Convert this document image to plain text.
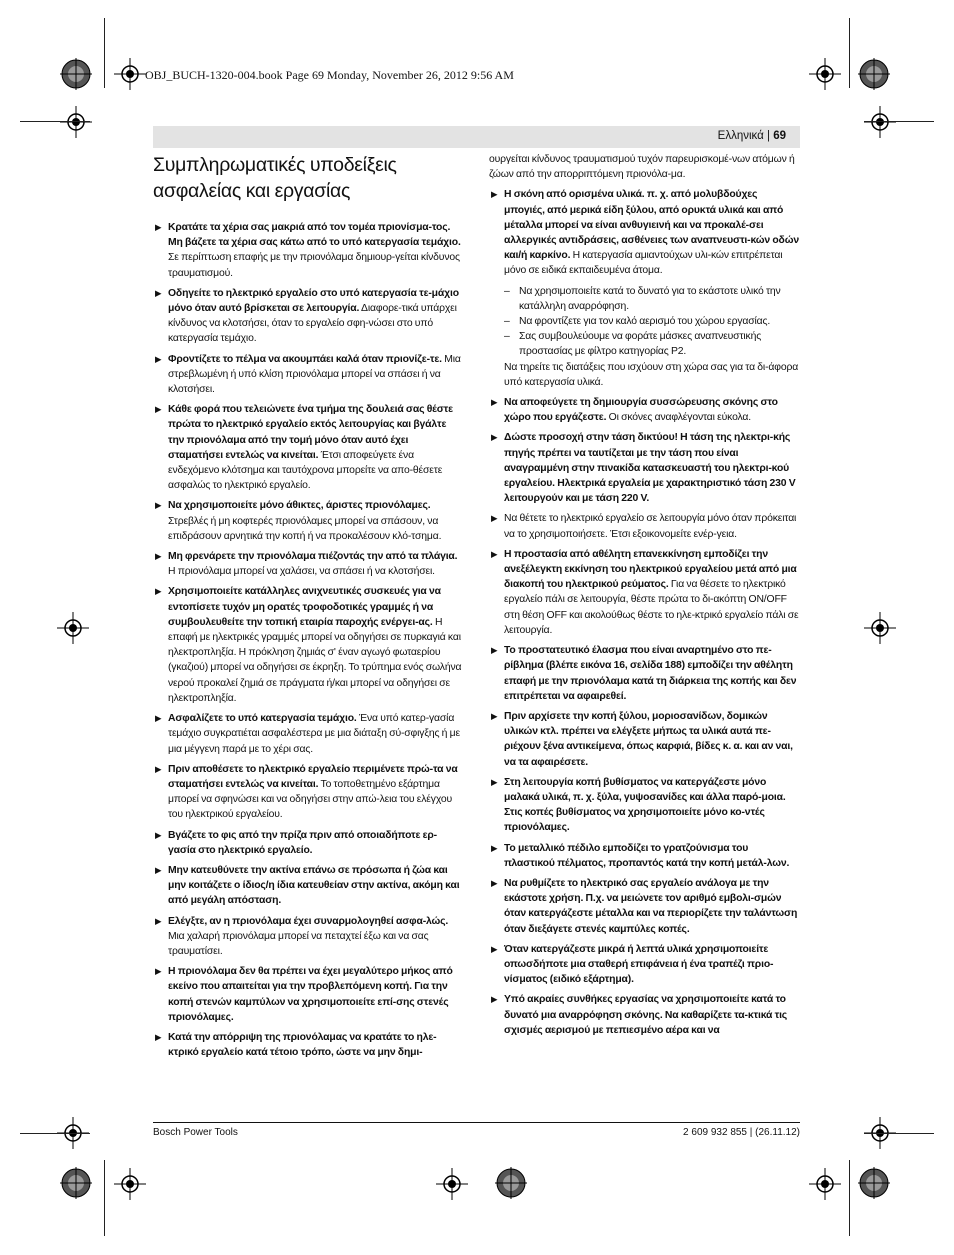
OBJ_BUCH-1320-004.book Page 69 Monday, November 26, 2012 9:56 AM
Ελληνικά | 69
Συμπληρωματικές υποδείξεις ασφαλείας και εργασίας
▶ Κρατάτε τα χέρια σας μακριά από τον τομέα πριονίσμα-τος. Μη βάζετε τα χέρια σας κάτω από το υπό κατεργασία τεμάχιο. Σε περίπτωση επαφής με την πριονόλαμα δημιουρ-γείται κίνδυνος τραυματισμού.
▶ Οδηγείτε το ηλεκτρικό εργαλείο στο υπό κατεργασία τε-μάχιο μόνο όταν αυτό βρίσκεται σε λειτουργία. Διαφορε-τικά υπάρχει κίνδυνος να κλοτσήσει, όταν το εργαλείο σφη-νώσει στο υπό κατεργασία τεμάχιο.
▶ Φροντίζετε το πέλμα να ακουμπάει καλά όταν πριονίζε-τε. Μια στρεβλωμένη ή υπό κλίση πριονόλαμα μπορεί να σπάσει ή να κλοτσήσει.
▶ Κάθε φορά που τελειώνετε ένα τμήμα της δουλειά σας θέστε πρώτα το ηλεκτρικό εργαλείο εκτός λειτουργίας και βγάλτε την πριονόλαμα από την τομή μόνο όταν αυτό έχει σταματήσει εντελώς να κινείται. Έτσι αποφεύγετε ένα ενδεχόμενο κλότσημα και ταυτόχρονα μπορείτε να απο-θέσετε ασφαλώς το ηλεκτρικό εργαλείο.
▶ Να χρησιμοποιείτε μόνο άθικτες, άριστες πριονόλαμες. Στρεβλές ή μη κοφτερές πριονόλαμες μπορεί να σπάσουν, να επιδράσουν αρνητικά την κοπή ή να προκαλέσουν κλό-τσημα.
▶ Μη φρενάρετε την πριονόλαμα πιέζοντάς την από τα πλάγια. Η πριονόλαμα μπορεί να χαλάσει, να σπάσει ή να κλοτσήσει.
▶ Χρησιμοποιείτε κατάλληλες ανιχνευτικές συσκευές για να εντοπίσετε τυχόν μη ορατές τροφοδοτικές γραμμές ή να συμβουλευθείτε την τοπική εταιρία παροχής ενέργει-ας. Η επαφή με ηλεκτρικές γραμμές μπορεί να οδηγήσει σε πυρκαγιά και ηλεκτροπληξία. Η πρόκληση ζημιάς σ' έναν αγωγό φωταερίου (γκαζιού) μπορεί να οδηγήσει σε έκρηξη. Το τρύπημα ενός σωλήνα νερού προκαλεί ζημιά σε πράγματα ή/και μπορεί να οδηγήσει σε ηλεκτροπληξία.
▶ Ασφαλίζετε το υπό κατεργασία τεμάχιο. Ένα υπό κατερ-γασία τεμάχιο συγκρατιέται ασφαλέστερα με μια διάταξη σύ-σφιγξης ή με μια μέγγενη παρά με το χέρι σας.
▶ Πριν αποθέσετε το ηλεκτρικό εργαλείο περιμένετε πρώ-τα να σταματήσει εντελώς να κινείται. Το τοποθετημένο εξάρτημα μπορεί να σφηνώσει και να οδηγήσει στην απώ-λεια του ελέγχου του ηλεκτρικού εργαλείου.
▶ Βγάζετε το φις από την πρίζα πριν από οποιαδήποτε ερ-γασία στο ηλεκτρικό εργαλείο.
▶ Μην κατευθύνετε την ακτίνα επάνω σε πρόσωπα ή ζώα και μην κοιτάζετε ο ίδιος/η ίδια κατευθείαν στην ακτίνα, ακόμη και από μεγάλη απόσταση.
▶ Ελέγξτε, αν η πριονόλαμα έχει συναρμολογηθεί ασφα-λώς. Μια χαλαρή πριονόλαμα μπορεί να πεταχτεί έξω και να σας τραυματίσει.
▶ Η πριονόλαμα δεν θα πρέπει να έχει μεγαλύτερο μήκος από εκείνο που απαιτείται για την προβλεπόμενη κοπή. Για την κοπή στενών καμπύλων να χρησιμοποιείτε επί-σης στενές πριονόλαμες.
▶ Κατά την απόρριψη της πριονόλαμας να κρατάτε το ηλε-κτρικό εργαλείο κατά τέτοιο τρόπο, ώστε να μην δημι-
ουργείται κίνδυνος τραυματισμού τυχόν παρευρισκομέ-νων ατόμων ή ζώων από την απορριπτόμενη πριονόλα-μα.
▶ Η σκόνη από ορισμένα υλικά. π. χ. από μολυβδούχες μπογιές, από μερικά είδη ξύλου, από ορυκτά υλικά και από μέταλλα μπορεί να είναι ανθυγιεινή και να προκαλέ-σει αλλεργικές αντιδράσεις, ασθένειες των αναπνευστι-κών οδών και/ή καρκίνο. Η κατεργασία αμιαντούχων υλι-κών επιτρέπεται μόνο σε ειδικά εκπαιδευμένα άτομα.
– Να χρησιμοποιείτε κατά το δυνατό για το εκάστοτε υλικό την κατάλληλη αναρρόφηση.
– Να φροντίζετε για τον καλό αερισμό του χώρου εργασίας.
– Σας συμβουλεύουμε να φοράτε μάσκες αναπνευστικής προστασίας με φίλτρο κατηγορίας P2.
Να τηρείτε τις διατάξεις που ισχύουν στη χώρα σας για τα δι-άφορα υπό κατεργασία υλικά.
▶ Να αποφεύγετε τη δημιουργία συσσώρευσης σκόνης στο χώρο που εργάζεστε. Οι σκόνες αναφλέγονται εύκολα.
▶ Δώστε προσοχή στην τάση δικτύου! Η τάση της ηλεκτρι-κής πηγής πρέπει να ταυτίζεται με την τάση που είναι αναγραμμένη στην πινακίδα κατασκευαστή του ηλεκτρι-κού εργαλείου. Ηλεκτρικά εργαλεία με χαρακτηριστικό τάση 230 V λειτουργούν και με τάση 220 V.
▶ Να θέτετε το ηλεκτρικό εργαλείο σε λειτουργία μόνο όταν πρόκειται να το χρησιμοποιήσετε. Έτσι εξοικονομείτε ενέρ-γεια.
▶ Η προστασία από αθέλητη επανεκκίνηση εμποδίζει την ανεξέλεγκτη εκκίνηση του ηλεκτρικού εργαλείου μετά από μια διακοπή του ηλεκτρικού ρεύματος. Για να θέσετε το ηλεκτρικό εργαλείο πάλι σε λειτουργία, θέστε πρώτα το δι-ακόπτη ON/OFF στη θέση OFF και ακολούθως θέστε το ηλε-κτρικό εργαλείο πάλι σε λειτουργία.
▶ Το προστατευτικό έλασμα που είναι αναρτημένο στο πε-ρίβλημα (βλέπε εικόνα 16, σελίδα 188) εμποδίζει την αθέλητη επαφή με την πριονόλαμα κατά τη διάρκεια της κοπής και δεν επιτρέπεται να αφαιρεθεί.
▶ Πριν αρχίσετε την κοπή ξύλου, μοριοσανίδων, δομικών υλικών κτλ. πρέπει να ελέγξετε μήπως τα υλικά αυτά πε-ριέχουν ξένα αντικείμενα, όπως καρφιά, βίδες κ. α. και αν ναι, να τα αφαιρέσετε.
▶ Στη λειτουργία κοπή βυθίσματος να κατεργάζεστε μόνο μαλακά υλικά, π. χ. ξύλα, γυψοσανίδες και άλλα παρό-μοια. Στις κοπές βυθίσματος να χρησιμοποιείτε μόνο κο-ντές πριονόλαμες.
▶ Το μεταλλικό πέδιλο εμποδίζει το γρατζούνισμα του πλαστικού πέλματος, προπαντός κατά την κοπή μετάλ-λων.
▶ Να ρυθμίζετε το ηλεκτρικό σας εργαλείο ανάλογα με την εκάστοτε χρήση. Π.χ. να μειώνετε τον αριθμό εμβολι-σμών όταν κατεργάζεστε μέταλλα και να περιορίζετε την ταλάντωση όταν διεξάγετε στενές καμπύλες κοπές.
▶ Όταν κατεργάζεστε μικρά ή λεπτά υλικά χρησιμοποιείτε οπωσδήποτε μια σταθερή επιφάνεια ή ένα τραπέζι πριο-νίσματος (ειδικό εξάρτημα).
▶ Υπό ακραίες συνθήκες εργασίας να χρησιμοποιείτε κατά το δυνατό μια αναρρόφηση σκόνης. Να καθαρίζετε τα-κτικά τις σχισμές αερισμού με πεπιεσμένο αέρα και να
Bosch Power Tools	2 609 932 855 | (26.11.12)
